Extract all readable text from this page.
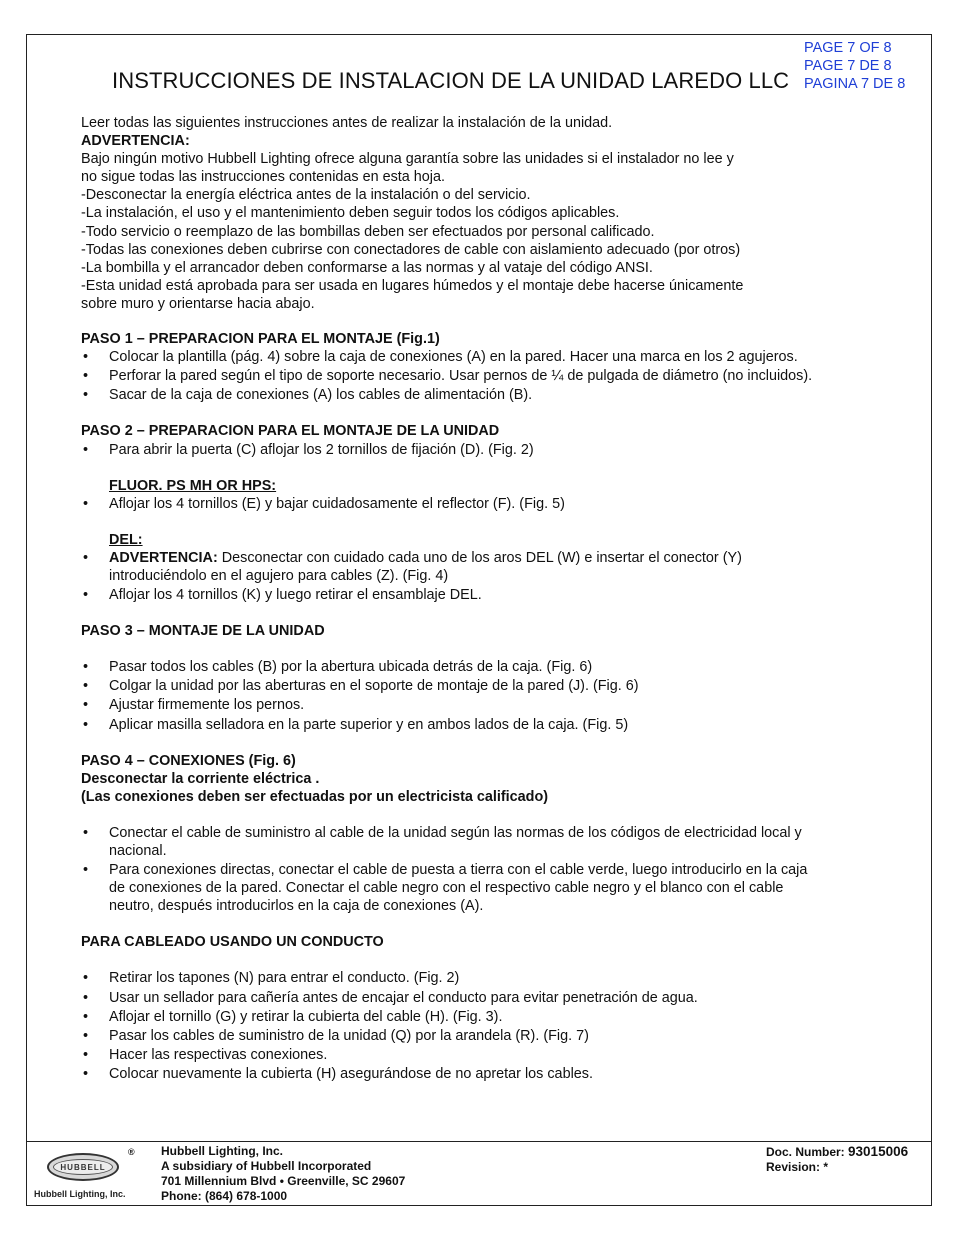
PAGE 7 OF 8
PAGE 7 DE 8
PAGINA 7 DE 8
INSTRUCCIONES DE INSTALACION DE LA UNIDAD LAREDO LLC

Leer todas las siguientes instrucciones antes de realizar la instalación de la unidad.

ADVERTENCIA:

Bajo ningún motivo Hubbell Lighting ofrece alguna garantía sobre las unidades si el instalador no lee y

no sigue todas las instrucciones contenidas en esta hoja.

-Desconectar la energía eléctrica antes de la instalación o del servicio.

-La instalación, el uso y el mantenimiento deben seguir todos los códigos aplicables.

-Todo servicio o reemplazo de las bombillas deben ser efectuados por personal calificado.

-Todas las conexiones deben cubrirse con conectadores de cable con aislamiento adecuado (por otros)

-La bombilla y el arrancador deben conformarse a las normas y al vataje del código ANSI.

-Esta unidad está aprobada para ser usada en lugares húmedos y el montaje debe hacerse únicamente

sobre muro y orientarse hacia abajo.

PASO 1 – PREPARACION PARA EL MONTAJE (Fig.1)

• Colocar la plantilla (pág. 4) sobre la caja de conexiones (A) en la pared. Hacer una marca en los 2 agujeros.
• Perforar la pared según el tipo de soporte necesario. Usar pernos de ¼ de pulgada de diámetro (no incluidos).
• Sacar de la caja de conexiones (A) los cables de alimentación (B).

PASO 2 – PREPARACION PARA EL MONTAJE DE LA UNIDAD

• Para abrir la puerta (C) aflojar los 2 tornillos de fijación (D). (Fig. 2)

FLUOR. PS MH OR HPS:

• Aflojar los 4 tornillos (E) y bajar cuidadosamente el reflector (F). (Fig. 5)

DEL:

• ADVERTENCIA: Desconectar con cuidado cada uno de los aros DEL (W) e insertar el conector (Y) introduciéndolo en el agujero para cables (Z). (Fig. 4)
• Aflojar los 4 tornillos (K) y luego retirar el ensamblaje DEL.

PASO 3 – MONTAJE DE LA UNIDAD

• Pasar todos los cables (B) por la abertura ubicada detrás de la caja. (Fig. 6)
• Colgar la unidad por las aberturas en el soporte de montaje de la pared (J). (Fig. 6)
• Ajustar firmemente los pernos.
• Aplicar masilla selladora en la parte superior y en ambos lados de la caja. (Fig. 5)

PASO 4 – CONEXIONES (Fig. 6)

Desconectar la corriente eléctrica .

(Las conexiones deben ser efectuadas por un electricista calificado)

• Conectar el cable de suministro al cable de la unidad según las normas de los códigos de electricidad local y nacional.
• Para conexiones directas, conectar el cable de puesta a tierra con el cable verde, luego introducirlo en la caja de conexiones de la pared. Conectar el cable negro con el respectivo cable negro y el blanco con el cable neutro, después introducirlos en la caja de conexiones (A).

PARA CABLEADO USANDO UN CONDUCTO

• Retirar los tapones (N) para entrar el conducto. (Fig. 2)
• Usar un sellador para cañería antes de encajar el conducto para evitar penetración de agua.
• Aflojar el tornillo (G) y retirar la cubierta del cable (H). (Fig. 3).
• Pasar los cables de suministro de la unidad (Q) por la arandela (R). (Fig. 7)
• Hacer las respectivas conexiones.
• Colocar nuevamente la cubierta (H) asegurándose de no apretar los cables.
HUBBELL
®
Hubbell Lighting, Inc.
Hubbell Lighting, Inc.
A subsidiary of Hubbell Incorporated
701 Millennium Blvd • Greenville, SC 29607
Phone: (864) 678-1000
Doc. Number: 93015006
Revision: *
